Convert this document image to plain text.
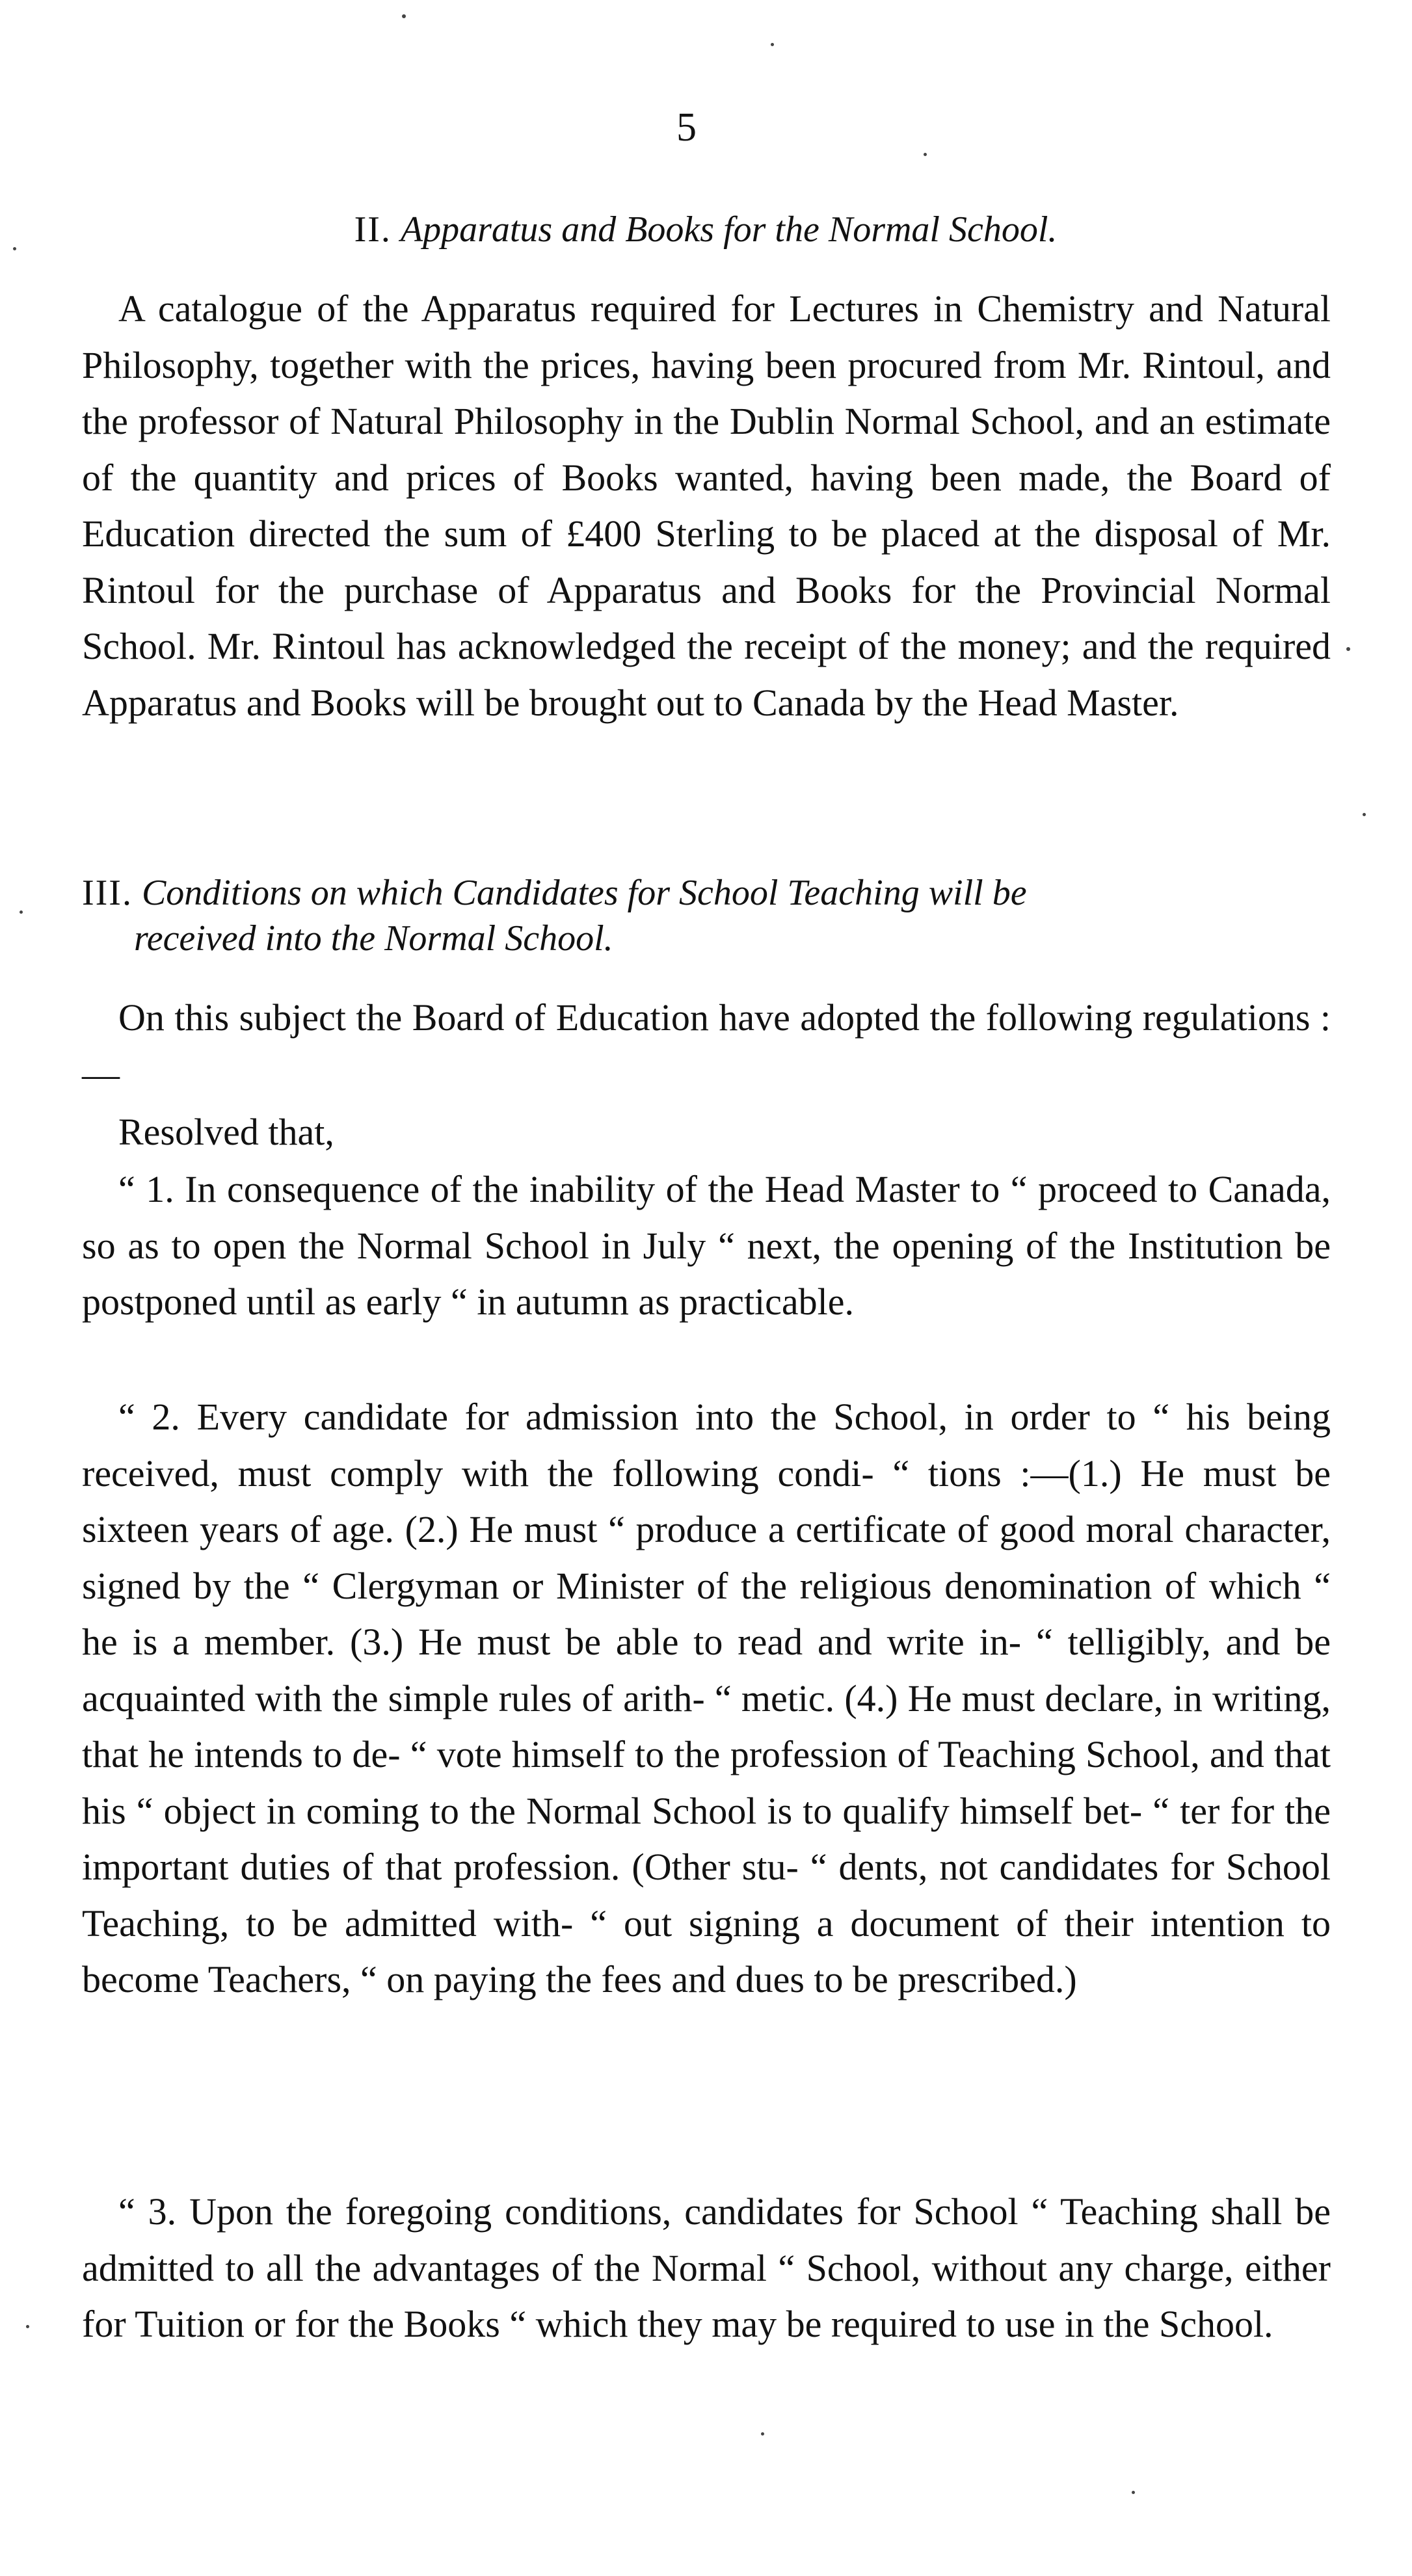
5
II. Apparatus and Books for the Normal School.
A catalogue of the Apparatus required for Lectures in Chemistry and Natural Philosophy, together with the prices, having been procured from Mr. Rintoul, and the professor of Natural Philosophy in the Dublin Normal School, and an estimate of the quantity and prices of Books wanted, having been made, the Board of Education directed the sum of £400 Sterling to be placed at the disposal of Mr. Rintoul for the purchase of Apparatus and Books for the Provincial Normal School. Mr. Rintoul has acknowledged the receipt of the money; and the required Apparatus and Books will be brought out to Canada by the Head Master.
III. Conditions on which Candidates for School Teaching will be
received into the Normal School.
On this subject the Board of Education have adopted the following regulations :—
Resolved that,
“ 1. In consequence of the inability of the Head Master to “ proceed to Canada, so as to open the Normal School in July “ next, the opening of the Institution be postponed until as early “ in autumn as practicable.
“ 2. Every candidate for admission into the School, in order to “ his being received, must comply with the following condi- “ tions :—(1.) He must be sixteen years of age. (2.) He must “ produce a certificate of good moral character, signed by the “ Clergyman or Minister of the religious denomination of which “ he is a member. (3.) He must be able to read and write in- “ telligibly, and be acquainted with the simple rules of arith- “ metic. (4.) He must declare, in writing, that he intends to de- “ vote himself to the profession of Teaching School, and that his “ object in coming to the Normal School is to qualify himself bet- “ ter for the important duties of that profession. (Other stu- “ dents, not candidates for School Teaching, to be admitted with- “ out signing a document of their intention to become Teachers, “ on paying the fees and dues to be prescribed.)
“ 3. Upon the foregoing conditions, candidates for School “ Teaching shall be admitted to all the advantages of the Normal “ School, without any charge, either for Tuition or for the Books “ which they may be required to use in the School.
